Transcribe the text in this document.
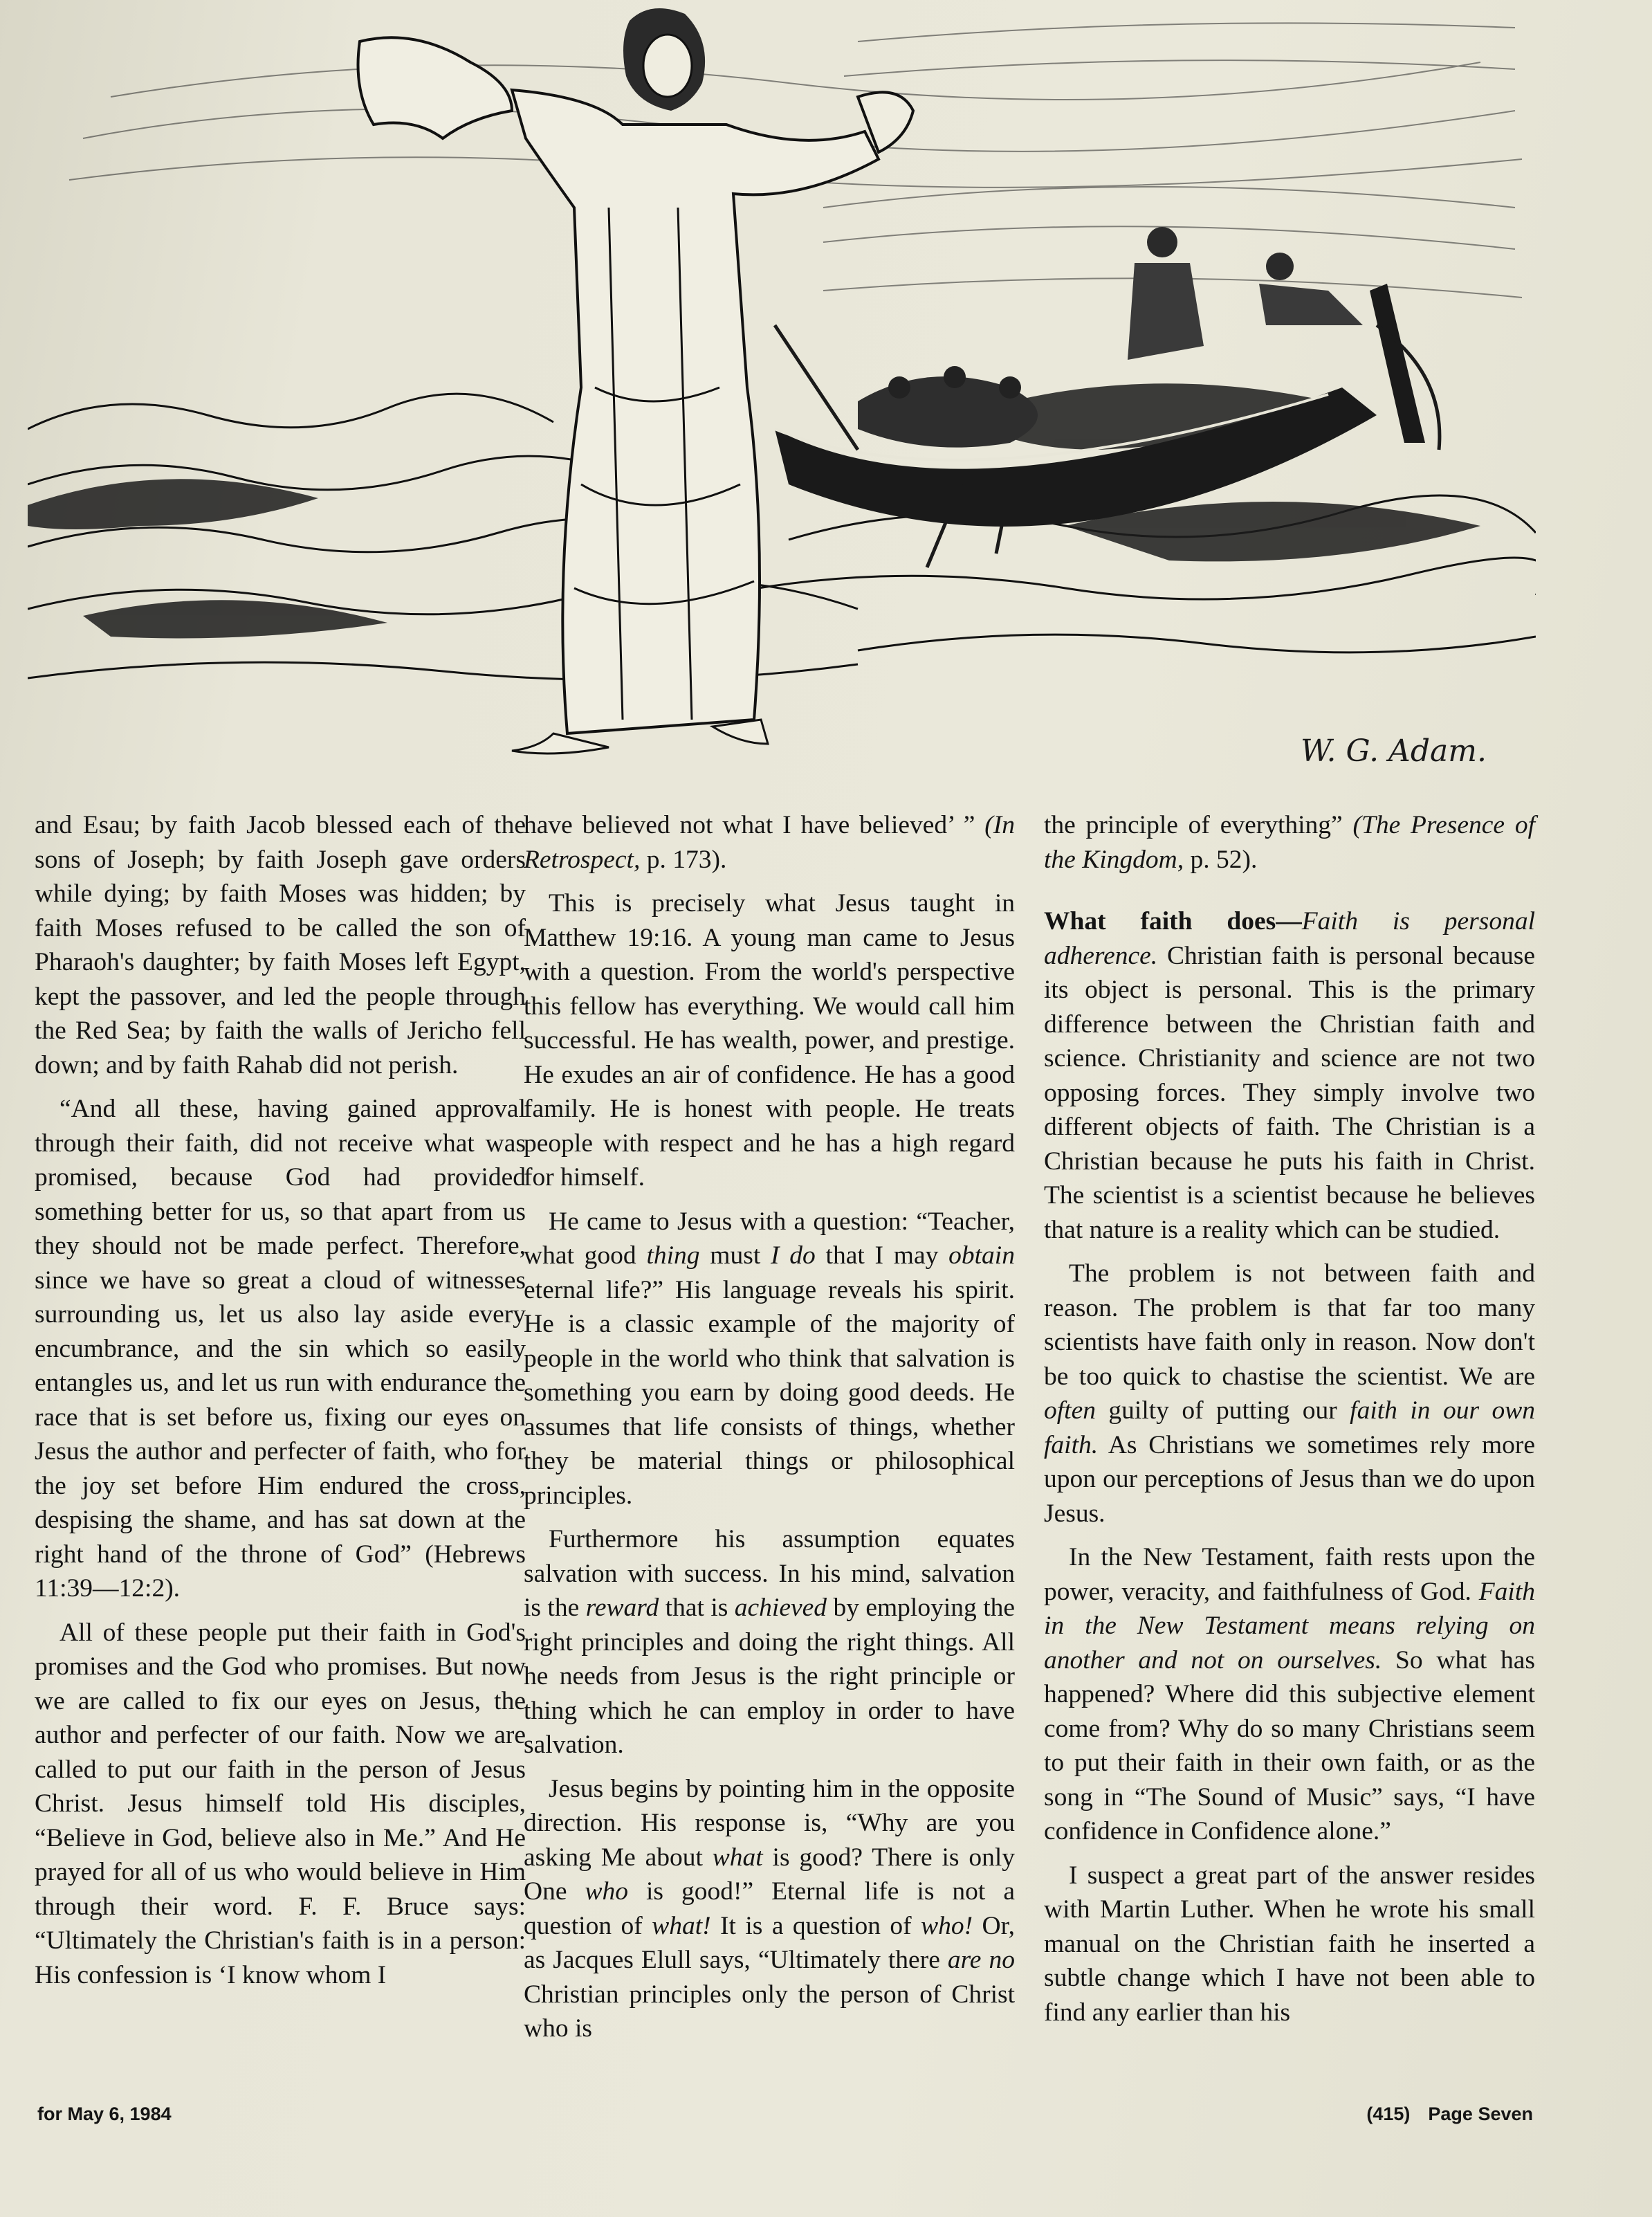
W. G. Adam.

and Esau; by faith Jacob blessed each of the sons of Joseph; by faith Joseph gave orders while dying; by faith Moses was hidden; by faith Moses refused to be called the son of Pharaoh's daughter; by faith Moses left Egypt, kept the passover, and led the people through the Red Sea; by faith the walls of Jericho fell down; and by faith Rahab did not perish.

“And all these, having gained approval through their faith, did not receive what was promised, because God had provided something better for us, so that apart from us they should not be made perfect. Therefore, since we have so great a cloud of witnesses surrounding us, let us also lay aside every encumbrance, and the sin which so easily entangles us, and let us run with endurance the race that is set before us, fixing our eyes on Jesus the author and perfecter of faith, who for the joy set before Him endured the cross, despising the shame, and has sat down at the right hand of the throne of God” (Hebrews 11:39—12:2).

All of these people put their faith in God's promises and the God who promises. But now we are called to fix our eyes on Jesus, the author and perfecter of our faith. Now we are called to put our faith in the person of Jesus Christ. Jesus himself told His disciples, “Believe in God, believe also in Me.” And He prayed for all of us who would believe in Him through their word. F. F. Bruce says: “Ultimately the Christian's faith is in a person: His confession is ‘I know whom I

have believed not what I have believed’ ” (In Retrospect, p. 173).

This is precisely what Jesus taught in Matthew 19:16. A young man came to Jesus with a question. From the world's perspective this fellow has everything. We would call him successful. He has wealth, power, and prestige. He exudes an air of confidence. He has a good family. He is honest with people. He treats people with respect and he has a high regard for himself.

He came to Jesus with a question: “Teacher, what good thing must I do that I may obtain eternal life?” His language reveals his spirit. He is a classic example of the majority of people in the world who think that salvation is something you earn by doing good deeds. He assumes that life consists of things, whether they be material things or philosophical principles.

Furthermore his assumption equates salvation with success. In his mind, salvation is the reward that is achieved by employing the right principles and doing the right things. All he needs from Jesus is the right principle or thing which he can employ in order to have salvation.

Jesus begins by pointing him in the opposite direction. His response is, “Why are you asking Me about what is good? There is only One who is good!” Eternal life is not a question of what! It is a question of who! Or, as Jacques Elull says, “Ultimately there are no Christian principles only the person of Christ who is

the principle of everything” (The Presence of the Kingdom, p. 52).

What faith does—Faith is personal adherence. Christian faith is personal because its object is personal. This is the primary difference between the Christian faith and science. Christianity and science are not two opposing forces. They simply involve two different objects of faith. The Christian is a Christian because he puts his faith in Christ. The scientist is a scientist because he believes that nature is a reality which can be studied.

The problem is not between faith and reason. The problem is that far too many scientists have faith only in reason. Now don't be too quick to chastise the scientist. We are often guilty of putting our faith in our own faith. As Christians we sometimes rely more upon our perceptions of Jesus than we do upon Jesus.

In the New Testament, faith rests upon the power, veracity, and faithfulness of God. Faith in the New Testament means relying on another and not on ourselves. So what has happened? Where did this subjective element come from? Why do so many Christians seem to put their faith in their own faith, or as the song in “The Sound of Music” says, “I have confidence in Confidence alone.”

I suspect a great part of the answer resides with Martin Luther. When he wrote his small manual on the Christian faith he inserted a subtle change which I have not been able to find any earlier than his

for May 6, 1984	(415) Page Seven
